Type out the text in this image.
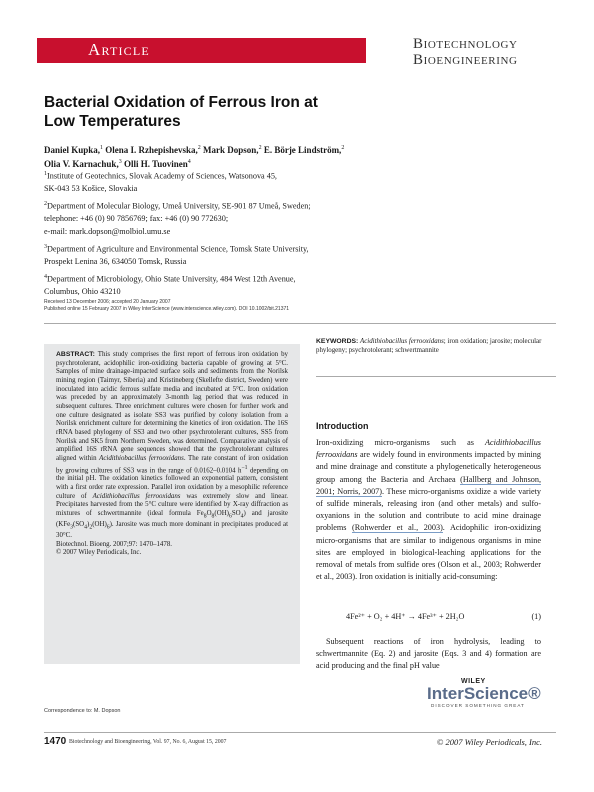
Article	Biotechnology
Bioengineering
Bacterial Oxidation of Ferrous Iron at
Low Temperatures
Daniel Kupka,$^1$ Olena I. Rzhepishevska,$^2$ Mark Dopson,$^2$ E. Börje Lindström,$^2$
Olia V. Karnachuk,$^3$ Olli H. Tuovinen$^4$

$^1$Institute of Geotechnics, Slovak Academy of Sciences, Watsonova 45,
SK-043 53 Košice, Slovakia

$^2$Department of Molecular Biology, Umeå University, SE-901 87 Umeå, Sweden;
telephone: +46 (0) 90 7856769; fax: +46 (0) 90 772630;
e-mail: mark.dopson@molbiol.umu.se

$^3$Department of Agriculture and Environmental Science, Tomsk State University,
Prospekt Lenina 36, 634050 Tomsk, Russia

$^4$Department of Microbiology, Ohio State University, 484 West 12th Avenue,
Columbus, Ohio 43210

Received 13 December 2006; accepted 20 January 2007
Published online 15 February 2007 in Wiley InterScience (www.interscience.wiley.com). DOI 10.1002/bit.21371
ABSTRACT: This study comprises the first report of ferrous iron oxidation by psychrotolerant, acidophilic iron-oxidizing bacteria capable of growing at 5°C. Samples of mine drainage-impacted surface soils and sediments from the Norilsk mining region (Taimyr, Siberia) and Kristineberg (Skellefte district, Sweden) were inoculated into acidic ferrous sulfate media and incubated at 5°C. Iron oxidation was preceded by an approximately 3-month lag period that was reduced in subsequent cultures. Three enrichment cultures were chosen for further work and one culture designated as isolate SS3 was purified by colony isolation from a Norilsk enrichment culture for determining the kinetics of iron oxidation. The 16S rRNA based phylogeny of SS3 and two other psychrotolerant cultures, SS5 from Norilsk and SK5 from Northern Sweden, was determined. Comparative analysis of amplified 16S rRNA gene sequences showed that the psychrotolerant cultures aligned within Acidithiobacillus ferrooxidans. The rate constant of iron oxidation by growing cultures of SS3 was in the range of 0.0162–0.0104 $h^{-1}$ depending on the initial pH. The oxidation kinetics followed an exponential pattern, consistent with a first order rate expression. Parallel iron oxidation by a mesophilic reference culture of Acidithiobacillus ferrooxidans was extremely slow and linear. Precipitates harvested from the 5°C culture were identified by X-ray diffraction as mixtures of schwertmannite (ideal formula $Fe_8O_8(OH)_6SO_4$) and jarosite $(KFe_3(SO_4)_2(OH)_6)$. Jarosite was much more dominant in precipitates produced at 30°C.
Biotechnol. Bioeng. 2007;97: 1470–1478.
© 2007 Wiley Periodicals, Inc.
KEYWORDS: Acidithiobacillus ferrooxidans; iron oxidation; jarosite; molecular phylogeny; psychrotolerant; schwertmannite
Introduction
Iron-oxidizing micro-organisms such as Acidithiobacillus ferrooxidans are widely found in environments impacted by mining and mine drainage and constitute a phylogenetically heterogeneous group among the Bacteria and Archaea (Hallberg and Johnson, 2001; Norris, 2007). These micro-organisms oxidize a wide variety of sulfide minerals, releasing iron (and other metals) and sulfo-oxyanions in the solution and contribute to acid mine drainage problems (Rohwerder et al., 2003). Acidophilic iron-oxidizing micro-organisms that are similar to indigenous organisms in mine sites are employed in biological-leaching applications for the removal of metals from sulfide ores (Olson et al., 2003; Rohwerder et al., 2003). Iron oxidation is initially acid-consuming:
4Fe²⁺ + O₂ + 4H⁺ → 4Fe³⁺ + 2H₂O	(1)
Subsequent reactions of iron hydrolysis, leading to schwertmannite (Eq. 2) and jarosite (Eqs. 3 and 4) formation are acid producing and the final pH value
Correspondence to: M. Dopson
WILEY
InterScience®
DISCOVER SOMETHING GREAT
1470 Biotechnology and Bioengineering, Vol. 97, No. 6, August 15, 2007	© 2007 Wiley Periodicals, Inc.
